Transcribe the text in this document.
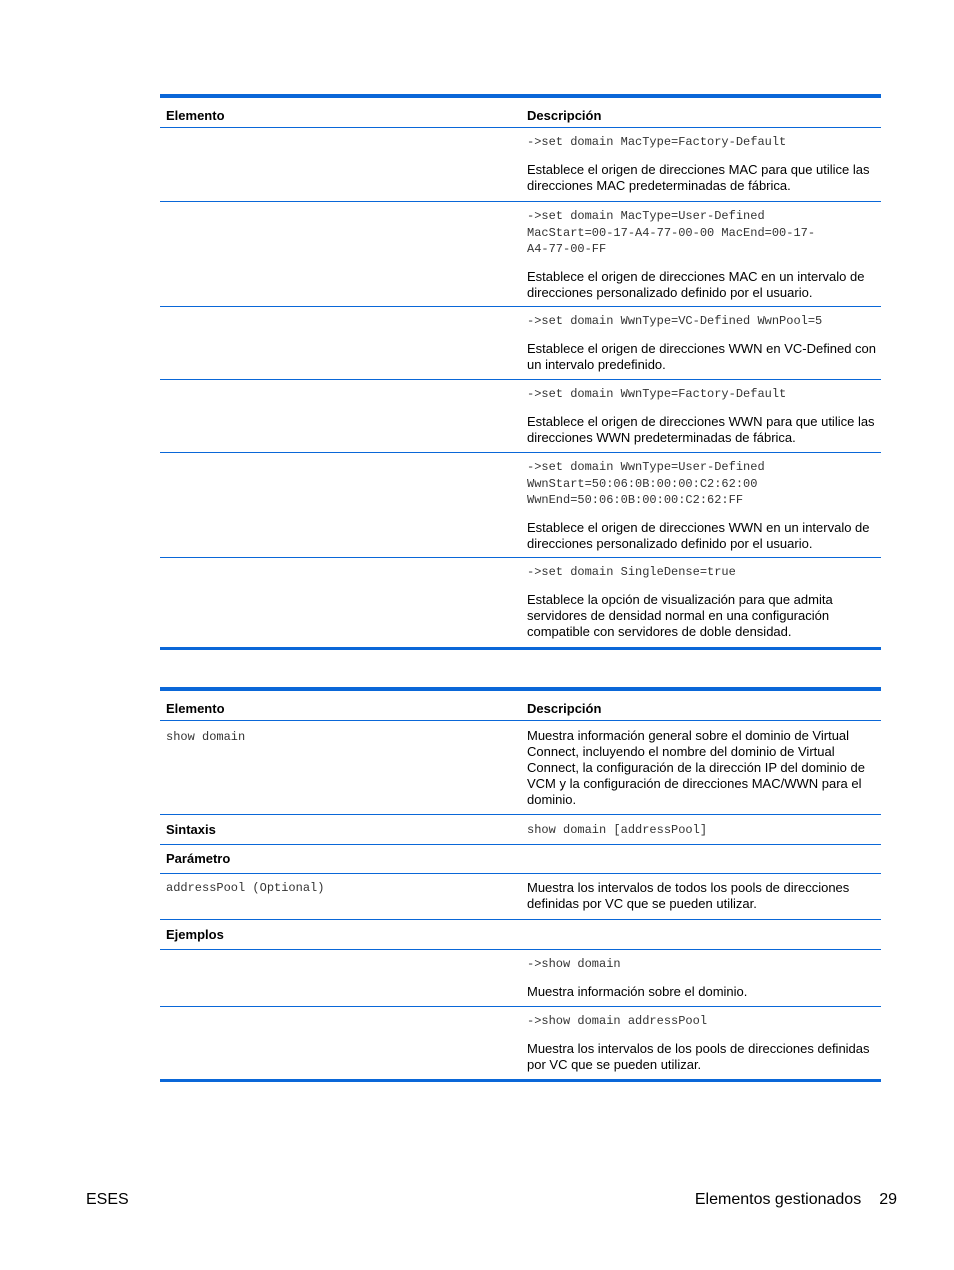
Elemento	Descripción
->set domain MacType=Factory-Default
Establece el origen de direcciones MAC para que utilice las
direcciones MAC predeterminadas de fábrica.
->set domain MacType=User-Defined
MacStart=00-17-A4-77-00-00 MacEnd=00-17-
A4-77-00-FF
Establece el origen de direcciones MAC en un intervalo de
direcciones personalizado definido por el usuario.
->set domain WwnType=VC-Defined WwnPool=5
Establece el origen de direcciones WWN en VC-Defined con
un intervalo predefinido.
->set domain WwnType=Factory-Default
Establece el origen de direcciones WWN para que utilice las
direcciones WWN predeterminadas de fábrica.
->set domain WwnType=User-Defined
WwnStart=50:06:0B:00:00:C2:62:00
WwnEnd=50:06:0B:00:00:C2:62:FF
Establece el origen de direcciones WWN en un intervalo de
direcciones personalizado definido por el usuario.
->set domain SingleDense=true
Establece la opción de visualización para que admita
servidores de densidad normal en una configuración
compatible con servidores de doble densidad.
Elemento	Descripción
show domain	Muestra información general sobre el dominio de Virtual
Connect, incluyendo el nombre del dominio de Virtual
Connect, la configuración de la dirección IP del dominio de
VCM y la configuración de direcciones MAC/WWN para el
dominio.
Sintaxis	show domain [addressPool]
Parámetro
addressPool (Optional)	Muestra los intervalos de todos los pools de direcciones
definidas por VC que se pueden utilizar.
Ejemplos
->show domain
Muestra información sobre el dominio.
->show domain addressPool
Muestra los intervalos de los pools de direcciones definidas
por VC que se pueden utilizar.
ESES	Elementos gestionados 29
